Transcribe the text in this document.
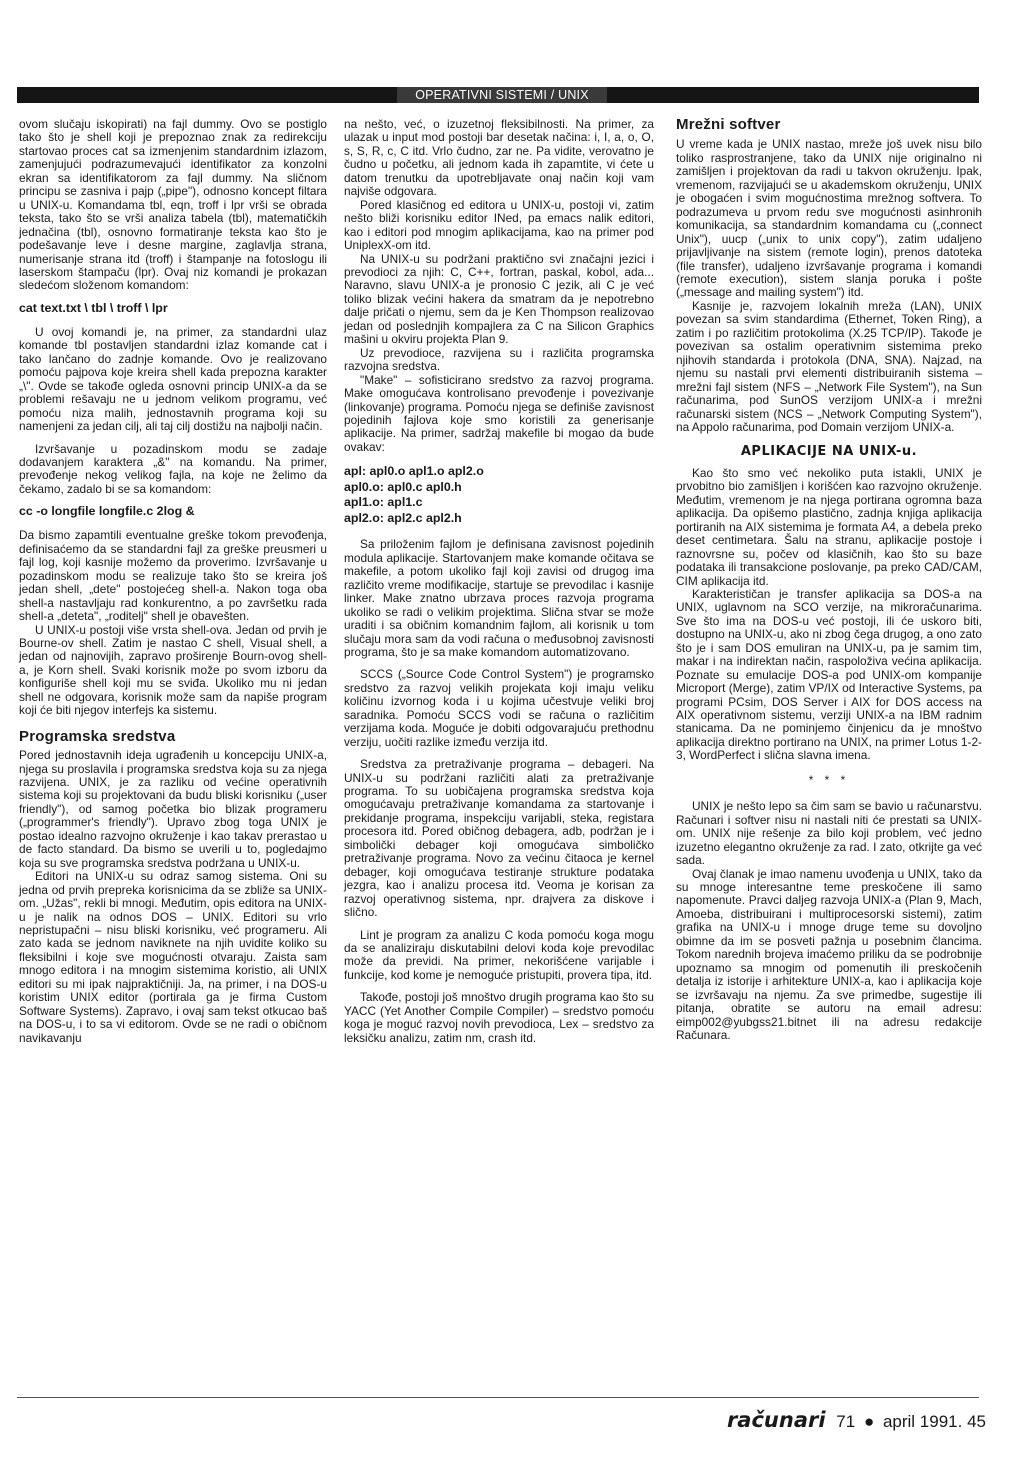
OPERATIVNI SISTEMI / UNIX

ovom slučaju iskopirati) na fajl dummy. Ovo se postiglo tako što je shell koji je prepoznao znak za redirekciju startovao proces cat sa izmenjenim standardnim izlazom, zamenjujući podrazumevajući identifikator za konzolni ekran sa identifikatorom za fajl dummy. Na sličnom principu se zasniva i pajp („pipe"), odnosno koncept filtara u UNIX-u. Komandama tbl, eqn, troff i lpr vrši se obrada teksta, tako što se vrši analiza tabela (tbl), matematičkih jednačina (tbl), osnovno formatiranje teksta kao što je podešavanje leve i desne margine, zaglavlja strana, numerisanje strana itd (troff) i štampanje na fotoslogu ili laserskom štampaču (lpr). Ovaj niz komandi je prokazan sledećom složenom komandom:

cat text.txt \ tbl \ troff \ lpr

U ovoj komandi je, na primer, za standardni ulaz komande tbl postavljen standardni izlaz komande cat i tako lančano do zadnje komande. Ovo je realizovano pomoću pajpova koje kreira shell kada prepozna karakter „\". Ovde se takođe ogleda osnovni princip UNIX-a da se problemi rešavaju ne u jednom velikom programu, već pomoću niza malih, jednostavnih programa koji su namenjeni za jedan cilj, ali taj cilj dostižu na najbolji način.

Izvršavanje u pozadinskom modu se zadaje dodavanjem karaktera „&" na komandu. Na primer, prevođenje nekog velikog fajla, na koje ne želimo da čekamo, zadalo bi se sa komandom:

cc -o longfile longfile.c 2log &

Da bismo zapamtili eventualne greške tokom prevođenja, definisaćemo da se standardni fajl za greške preusmeri u fajl log, koji kasnije možemo da proverimo. Izvršavanje u pozadinskom modu se realizuje tako što se kreira još jedan shell, „dete" postojećeg shell-a. Nakon toga oba shell-a nastavljaju rad konkurentno, a po završetku rada shell-a „deteta", „roditelj" shell je obavešten.

U UNIX-u postoji više vrsta shell-ova. Jedan od prvih je Bourne-ov shell. Zatim je nastao C shell, Visual shell, a jedan od najnovijih, zapravo proširenje Bourn-ovog shell-a, je Korn shell. Svaki korisnik može po svom izboru da konfiguriše shell koji mu se sviđa. Ukoliko mu ni jedan shell ne odgovara, korisnik može sam da napiše program koji će biti njegov interfejs ka sistemu.

Programska sredstva

Pored jednostavnih ideja ugrađenih u koncepciju UNIX-a, njega su proslavila i programska sredstva koja su za njega razvijena. UNIX, je za razliku od većine operativnih sistema koji su projektovani da budu bliski korisniku („user friendly"), od samog početka bio blizak programeru („programmer's friendly"). Upravo zbog toga UNIX je postao idealno razvojno okruženje i kao takav prerastao u de facto standard. Da bismo se uverili u to, pogledajmo koja su sve programska sredstva podržana u UNIX-u.

Editori na UNIX-u su odraz samog sistema. Oni su jedna od prvih prepreka korisnicima da se zbliže sa UNIX-om. „Užas", rekli bi mnogi. Međutim, opis editora na UNIX-u je nalik na odnos DOS – UNIX. Editori su vrlo nepristupačni – nisu bliski korisniku, već programeru. Ali zato kada se jednom naviknete na njih uvidite koliko su fleksibilni i koje sve mogućnosti otvaraju. Zaista sam mnogo editora i na mnogim sistemima koristio, ali UNIX editori su mi ipak najpraktičniji. Ja, na primer, i na DOS-u koristim UNIX editor (portirala ga je firma Custom Software Systems). Zapravo, i ovaj sam tekst otkucao baš na DOS-u, i to sa vi editorom. Ovde se ne radi o običnom navikavanju

na nešto, već, o izuzetnoj fleksibilnosti. Na primer, za ulazak u input mod postoji bar desetak načina: i, I, a, o, O, s, S, R, c, C itd. Vrlo čudno, zar ne. Pa vidite, verovatno je čudno u početku, ali jednom kada ih zapamtite, vi ćete u datom trenutku da upotrebljavate onaj način koji vam najviše odgovara.

Pored klasičnog ed editora u UNIX-u, postoji vi, zatim nešto bliži korisniku editor INed, pa emacs nalik editori, kao i editori pod mnogim aplikacijama, kao na primer pod UniplexX-om itd.

Na UNIX-u su podržani praktično svi značajni jezici i prevodioci za njih: C, C++, fortran, paskal, kobol, ada... Naravno, slavu UNIX-a je pronosio C jezik, ali C je već toliko blizak većini hakera da smatram da je nepotrebno dalje pričati o njemu, sem da je Ken Thompson realizovao jedan od poslednjih kompajlera za C na Silicon Graphics mašini u okviru projekta Plan 9.

Uz prevodioce, razvijena su i različita programska razvojna sredstva.

"Make" – sofisticirano sredstvo za razvoj programa. Make omogućava kontrolisano prevođenje i povezivanje (linkovanje) programa. Pomoću njega se definiše zavisnost pojedinih fajlova koje smo koristili za generisanje aplikacije. Na primer, sadržaj makefile bi mogao da bude ovakav:

apl: apl0.o apl1.o apl2.o
apl0.o: apl0.c apl0.h
apl1.o: apl1.c
apl2.o: apl2.c apl2.h

Sa priloženim fajlom je definisana zavisnost pojedinih modula aplikacije. Startovanjem make komande očitava se makefile, a potom ukoliko fajl koji zavisi od drugog ima različito vreme modifikacije, startuje se prevodilac i kasnije linker. Make znatno ubrzava proces razvoja programa ukoliko se radi o velikim projektima. Slična stvar se može uraditi i sa običnim komandnim fajlom, ali korisnik u tom slučaju mora sam da vodi računa o međusobnoj zavisnosti programa, što je sa make komandom automatizovano.

SCCS („Source Code Control System") je programsko sredstvo za razvoj velikih projekata koji imaju veliku količinu izvornog koda i u kojima učestvuje veliki broj saradnika. Pomoću SCCS vodi se računa o različitim verzijama koda. Moguće je dobiti odgovarajuću prethodnu verziju, uočiti razlike između verzija itd.

Sredstva za pretraživanje programa – debageri. Na UNIX-u su podržani različiti alati za pretraživanje programa. To su uobičajena programska sredstva koja omogućavaju pretraživanje komandama za startovanje i prekidanje programa, inspekciju varijabli, steka, registara procesora itd. Pored običnog debagera, adb, podržan je i simbolički debager koji omogućava simboličko pretraživanje programa. Novo za većinu čitaoca je kernel debager, koji omogućava testiranje strukture podataka jezgra, kao i analizu procesa itd. Veoma je korisan za razvoj operativnog sistema, npr. drajvera za diskove i slično.

Lint je program za analizu C koda pomoću koga mogu da se analiziraju diskutabilni delovi koda koje prevodilac može da previdi. Na primer, nekorišćene varijable i funkcije, kod kome je nemoguće pristupiti, provera tipa, itd.

Takođe, postoji još mnoštvo drugih programa kao što su YACC (Yet Another Compile Compiler) – sredstvo pomoću koga je moguć razvoj novih prevodioca, Lex – sredstvo za leksičku analizu, zatim nm, crash itd.

Mrežni softver

U vreme kada je UNIX nastao, mreže još uvek nisu bilo toliko rasprostranjene, tako da UNIX nije originalno ni zamišljen i projektovan da radi u takvon okruženju. Ipak, vremenom, razvijajući se u akademskom okruženju, UNIX je obogaćen i svim mogućnostima mrežnog softvera. To podrazumeva u prvom redu sve mogućnosti asinhronih komunikacija, sa standardnim komandama cu („connect Unix"), uucp („unix to unix copy"), zatim udaljeno prijavljivanje na sistem (remote login), prenos datoteka (file transfer), udaljeno izvršavanje programa i komandi (remote execution), sistem slanja poruka i pošte („message and mailing system") itd.

Kasnije je, razvojem lokalnih mreža (LAN), UNIX povezan sa svim standardima (Ethernet, Token Ring), a zatim i po različitim protokolima (X.25 TCP/IP). Takođe je povezivan sa ostalim operativnim sistemima preko njihovih standarda i protokola (DNA, SNA). Najzad, na njemu su nastali prvi elementi distribuiranih sistema – mrežni fajl sistem (NFS – „Network File System"), na Sun računarima, pod SunOS verzijom UNIX-a i mrežni računarski sistem (NCS – „Network Computing System"), na Appolo računarima, pod Domain verzijom UNIX-a.

APLIKACIJE NA UNIX-u.

Kao što smo već nekoliko puta istakli, UNIX je prvobitno bio zamišljen i korišćen kao razvojno okruženje. Međutim, vremenom je na njega portirana ogromna baza aplikacija. Da opišemo plastično, zadnja knjiga aplikacija portiranih na AIX sistemima je formata A4, a debela preko deset centimetara. Šalu na stranu, aplikacije postoje i raznovrsne su, počev od klasičnih, kao što su baze podataka ili transakcione poslovanje, pa preko CAD/CAM, CIM aplikacija itd.

Karakterističan je transfer aplikacija sa DOS-a na UNIX, uglavnom na SCO verzije, na mikroračunarima. Sve što ima na DOS-u već postoji, ili će uskoro biti, dostupno na UNIX-u, ako ni zbog čega drugog, a ono zato što je i sam DOS emuliran na UNIX-u, pa je samim tim, makar i na indirektan način, raspoloživa većina aplikacija. Poznate su emulacije DOS-a pod UNIX-om kompanije Microport (Merge), zatim VP/IX od Interactive Systems, pa programi PCsim, DOS Server i AIX for DOS access na AIX operativnom sistemu, verziji UNIX-a na IBM radnim stanicama. Da ne pominjemo činjenicu da je mnoštvo aplikacija direktno portirano na UNIX, na primer Lotus 1-2-3, WordPerfect i slična slavna imena.

* * *

UNIX je nešto lepo sa čim sam se bavio u računarstvu. Računari i softver nisu ni nastali niti će prestati sa UNIX-om. UNIX nije rešenje za bilo koji problem, već jedno izuzetno elegantno okruženje za rad. I zato, otkrijte ga već sada.

Ovaj članak je imao namenu uvođenja u UNIX, tako da su mnoge interesantne teme preskočene ili samo napomenute. Pravci daljeg razvoja UNIX-a (Plan 9, Mach, Amoeba, distribuirani i multiprocesorski sistemi), zatim grafika na UNIX-u i mnoge druge teme su dovoljno obimne da im se posveti pažnja u posebnim člancima. Tokom narednih brojeva imaćemo priliku da se podrobnije upoznamo sa mnogim od pomenutih ili preskočenih detalja iz istorije i arhitekture UNIX-a, kao i aplikacija koje se izvršavaju na njemu. Za sve primedbe, sugestije ili pitanja, obratite se autoru na email adresu: eimp002@yubgss21.bitnet ili na adresu redakcije Računara.

računari 71 ● april 1991. 45
